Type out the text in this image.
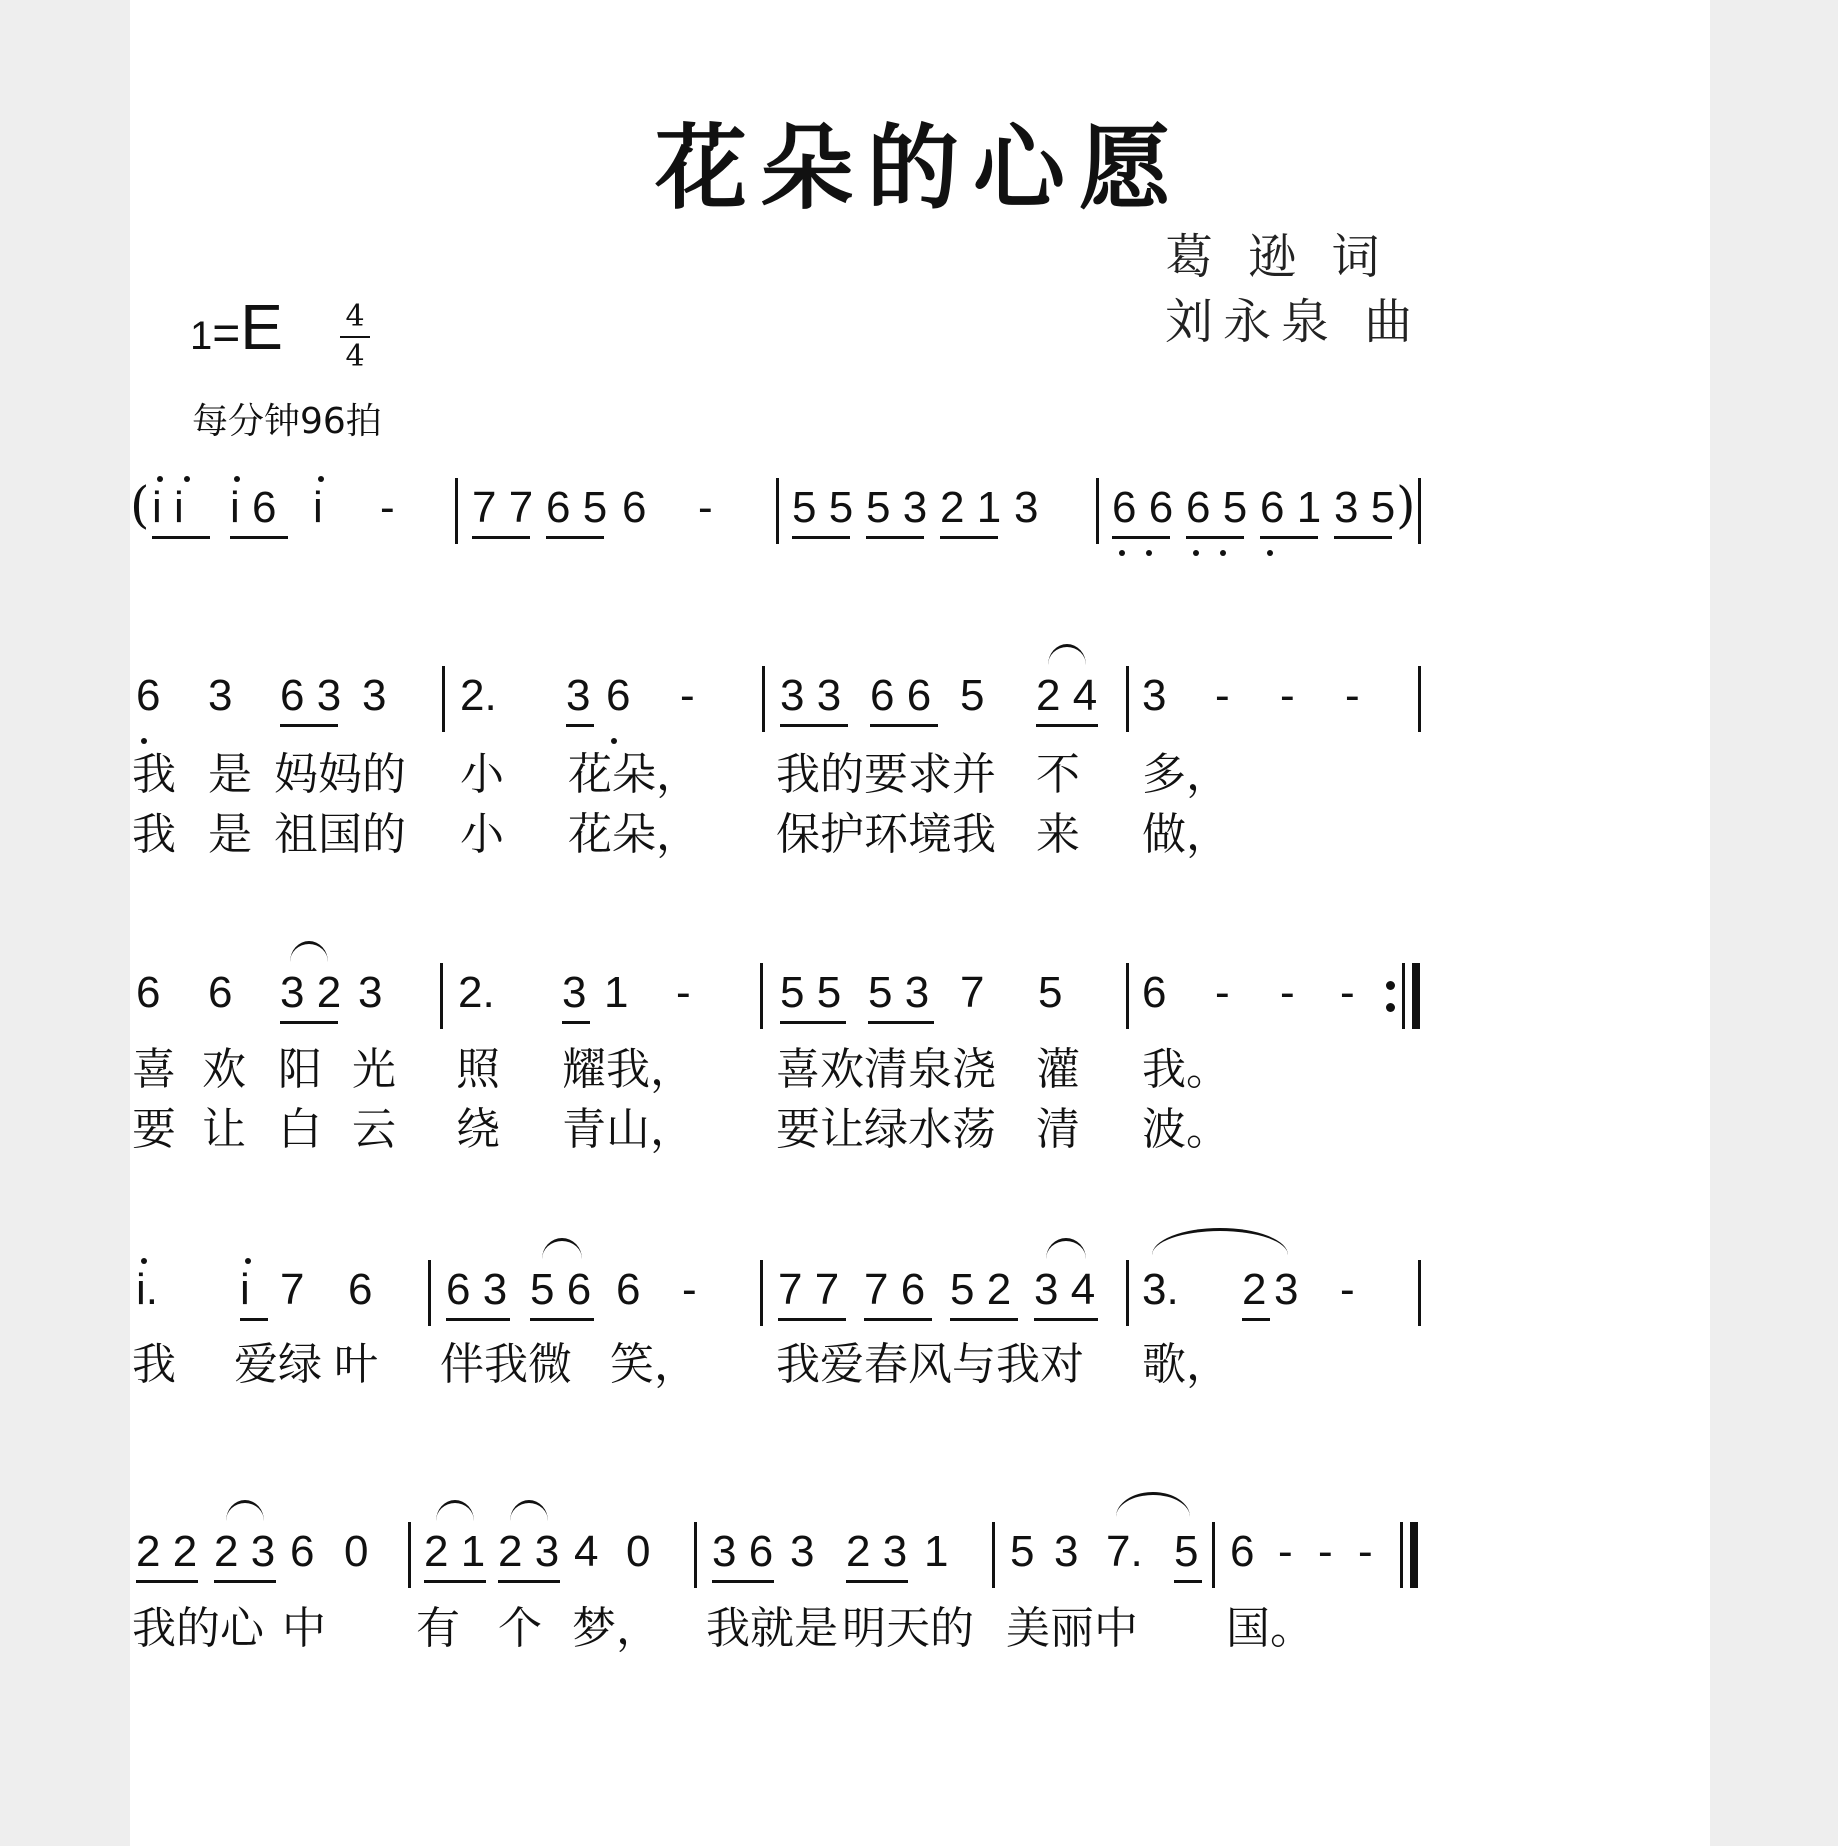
花朵的心愿
葛 逊 词
刘永泉 曲
1=E 4
4
每分钟96拍
( i i i 6 i - 7 7 6 5 6 - 5 5 5 3 2 1 3 6 6 6 5 6 1 3 5 )
6 3 6 3 3 2. 3 6 - 3 3 6 6 5 2 4 3 - - -
我 是 妈妈的 小 花朵， 我的要求并 不 多，
我 是 祖国的 小 花朵， 保护环境我 来 做，
6 6 3 2 3 2. 3 1 - 5 5 5 3 7 5 6 - - -
喜 欢 阳 光 照 耀我， 喜欢清泉浇 灌 我。
要 让 白 云 绕 青山， 要让绿水荡 清 波。
i. i 7 6 6 3 5 6 6 - 7 7 7 6 5 2 3 4 3. 2 3 -
我 爱绿 叶 伴我微 笑， 我爱春风与我对 歌，
2 2 2 3 6 0 2 1 2 3 4 0 3 6 3 2 3 1 5 3 7. 5 6 - - -
我的心 中 有 个 梦， 我就是 明天的 美丽中 国。
